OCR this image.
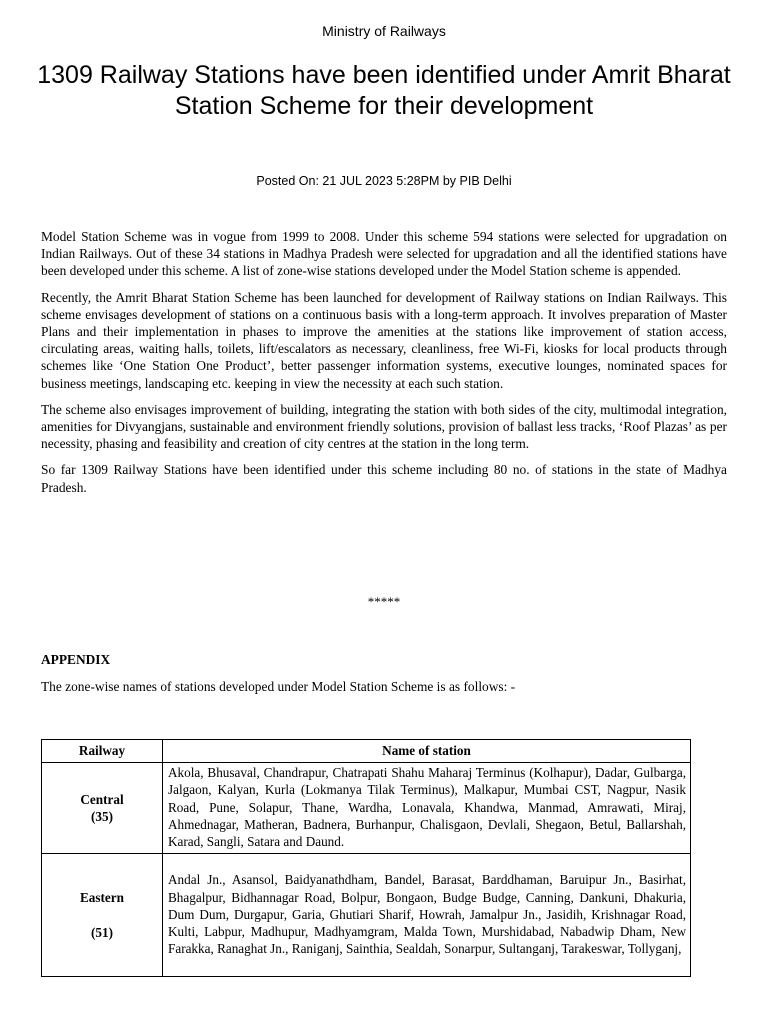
Ministry of Railways
1309 Railway Stations have been identified under Amrit Bharat Station Scheme for their development
Posted On: 21 JUL 2023 5:28PM by PIB Delhi

Model Station Scheme was in vogue from 1999 to 2008. Under this scheme 594 stations were selected for upgradation on Indian Railways. Out of these 34 stations in Madhya Pradesh were selected for upgradation and all the identified stations have been developed under this scheme. A list of zone-wise stations developed under the Model Station scheme is appended.

Recently, the Amrit Bharat Station Scheme has been launched for development of Railway stations on Indian Railways. This scheme envisages development of stations on a continuous basis with a long-term approach. It involves preparation of Master Plans and their implementation in phases to improve the amenities at the stations like improvement of station access, circulating areas, waiting halls, toilets, lift/escalators as necessary, cleanliness, free Wi-Fi, kiosks for local products through schemes like ‘One Station One Product’, better passenger information systems, executive lounges, nominated spaces for business meetings, landscaping etc. keeping in view the necessity at each such station.

The scheme also envisages improvement of building, integrating the station with both sides of the city, multimodal integration, amenities for Divyangjans, sustainable and environment friendly solutions, provision of ballast less tracks, ‘Roof Plazas’ as per necessity, phasing and feasibility and creation of city centres at the station in the long term.

So far 1309 Railway Stations have been identified under this scheme including 80 no. of stations in the state of Madhya Pradesh.

*****
APPENDIX
The zone-wise names of stations developed under Model Station Scheme is as follows: -
Railway	Name of station

Central
(35)	Akola, Bhusaval, Chandrapur, Chatrapati Shahu Maharaj Terminus (Kolhapur), Dadar, Gulbarga, Jalgaon, Kalyan, Kurla (Lokmanya Tilak Terminus), Malkapur, Mumbai CST, Nagpur, Nasik Road, Pune, Solapur, Thane, Wardha, Lonavala, Khandwa, Manmad, Amrawati, Miraj, Ahmednagar, Matheran, Badnera, Burhanpur, Chalisgaon, Devlali, Shegaon, Betul, Ballarshah, Karad, Sangli, Satara and Daund.

Eastern
(51)	Andal Jn., Asansol, Baidyanathdham, Bandel, Barasat, Barddhaman, Baruipur Jn., Basirhat, Bhagalpur, Bidhannagar Road, Bolpur, Bongaon, Budge Budge, Canning, Dankuni, Dhakuria, Dum Dum, Durgapur, Garia, Ghutiari Sharif, Howrah, Jamalpur Jn., Jasidih, Krishnagar Road, Kulti, Labpur, Madhupur, Madhyamgram, Malda Town, Murshidabad, Nabadwip Dham, New Farakka, Ranaghat Jn., Raniganj, Sainthia, Sealdah, Sonarpur, Sultanganj, Tarakeswar, Tollyganj,
